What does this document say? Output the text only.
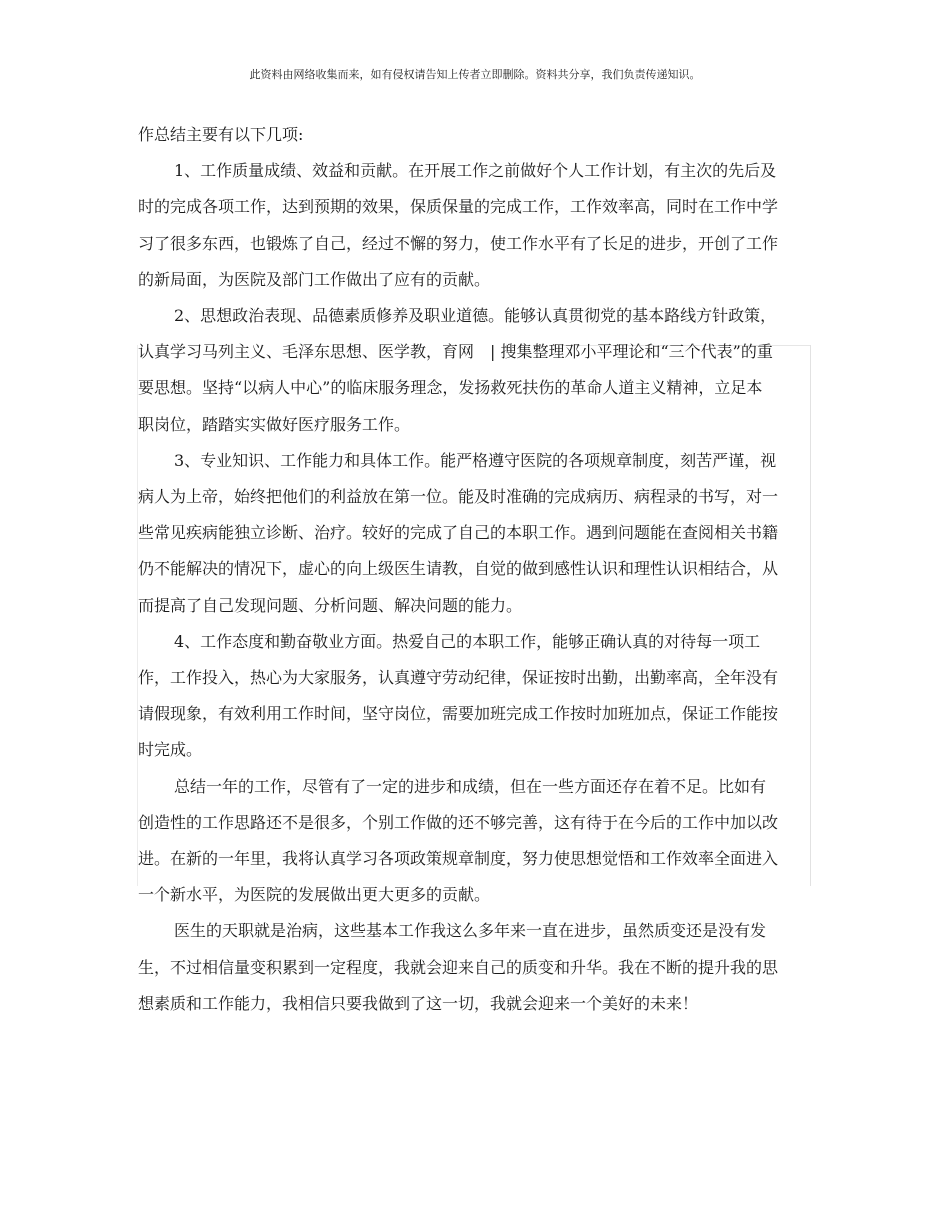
此资料由网络收集而来，如有侵权请告知上传者立即删除。资料共分享，我们负责传递知识。

作总结主要有以下几项:

1、工作质量成绩、效益和贡献。在开展工作之前做好个人工作计划，有主次的先后及时的完成各项工作，达到预期的效果，保质保量的完成工作，工作效率高，同时在工作中学习了很多东西，也锻炼了自己，经过不懈的努力，使工作水平有了长足的进步，开创了工作的新局面，为医院及部门工作做出了应有的贡献。

2、思想政治表现、品德素质修养及职业道德。能够认真贯彻党的基本路线方针政策，认真学习马列主义、毛泽东思想、医学教，育网　| 搜集整理邓小平理论和“三个代表”的重要思想。坚持“以病人中心”的临床服务理念，发扬救死扶伤的革命人道主义精神，立足本职岗位，踏踏实实做好医疗服务工作。

3、专业知识、工作能力和具体工作。能严格遵守医院的各项规章制度，刻苦严谨，视病人为上帝，始终把他们的利益放在第一位。能及时准确的完成病历、病程录的书写，对一些常见疾病能独立诊断、治疗。较好的完成了自己的本职工作。遇到问题能在查阅相关书籍仍不能解决的情况下，虚心的向上级医生请教，自觉的做到感性认识和理性认识相结合，从而提高了自己发现问题、分析问题、解决问题的能力。

4、工作态度和勤奋敬业方面。热爱自己的本职工作，能够正确认真的对待每一项工作，工作投入，热心为大家服务，认真遵守劳动纪律，保证按时出勤，出勤率高，全年没有请假现象，有效利用工作时间，坚守岗位，需要加班完成工作按时加班加点，保证工作能按时完成。

总结一年的工作，尽管有了一定的进步和成绩，但在一些方面还存在着不足。比如有创造性的工作思路还不是很多，个别工作做的还不够完善，这有待于在今后的工作中加以改进。在新的一年里，我将认真学习各项政策规章制度，努力使思想觉悟和工作效率全面进入一个新水平，为医院的发展做出更大更多的贡献。

医生的天职就是治病，这些基本工作我这么多年来一直在进步，虽然质变还是没有发生，不过相信量变积累到一定程度，我就会迎来自己的质变和升华。我在不断的提升我的思想素质和工作能力，我相信只要我做到了这一切，我就会迎来一个美好的未来！
